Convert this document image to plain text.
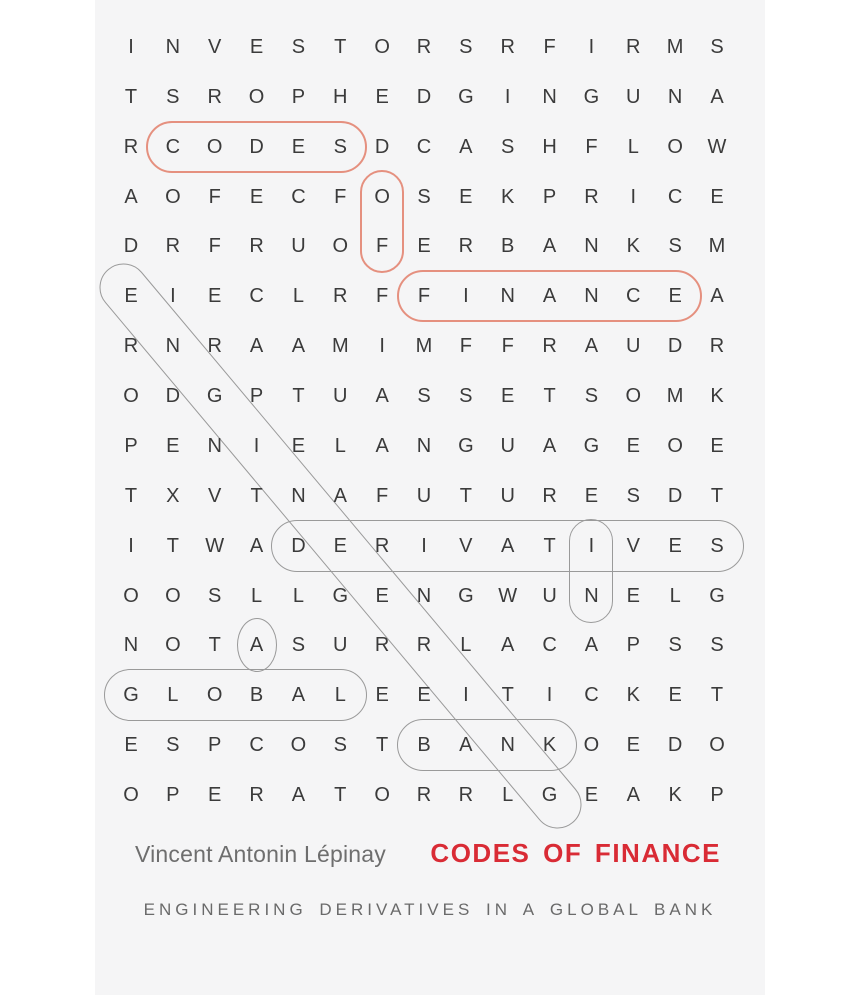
I N V E S T O R S R F I R M S
T S R O P H E D G I N G U N A
R C O D E S D C A S H F L O W
A O F E C F O S E K P R I C E
D R F R U O F E R B A N K S M
E I E C L R F F I N A N C E A
R N R A A M I M F F R A U D R
O D G P T U A S S E T S O M K
P E N I E L A N G U A G E O E
T X V T N A F U T U R E S D T
I T W A D E R I V A T I V E S
O O S L L G E N G W U N E L G
N O T A S U R R L A C A P S S
G L O B A L E E I T I C K E T
E S P C O S T B A N K O E D O
O P E R A T O R R L G E A K P
Vincent Antonin Lépinay CODES OF FINANCE
ENGINEERING DERIVATIVES IN A GLOBAL BANK
